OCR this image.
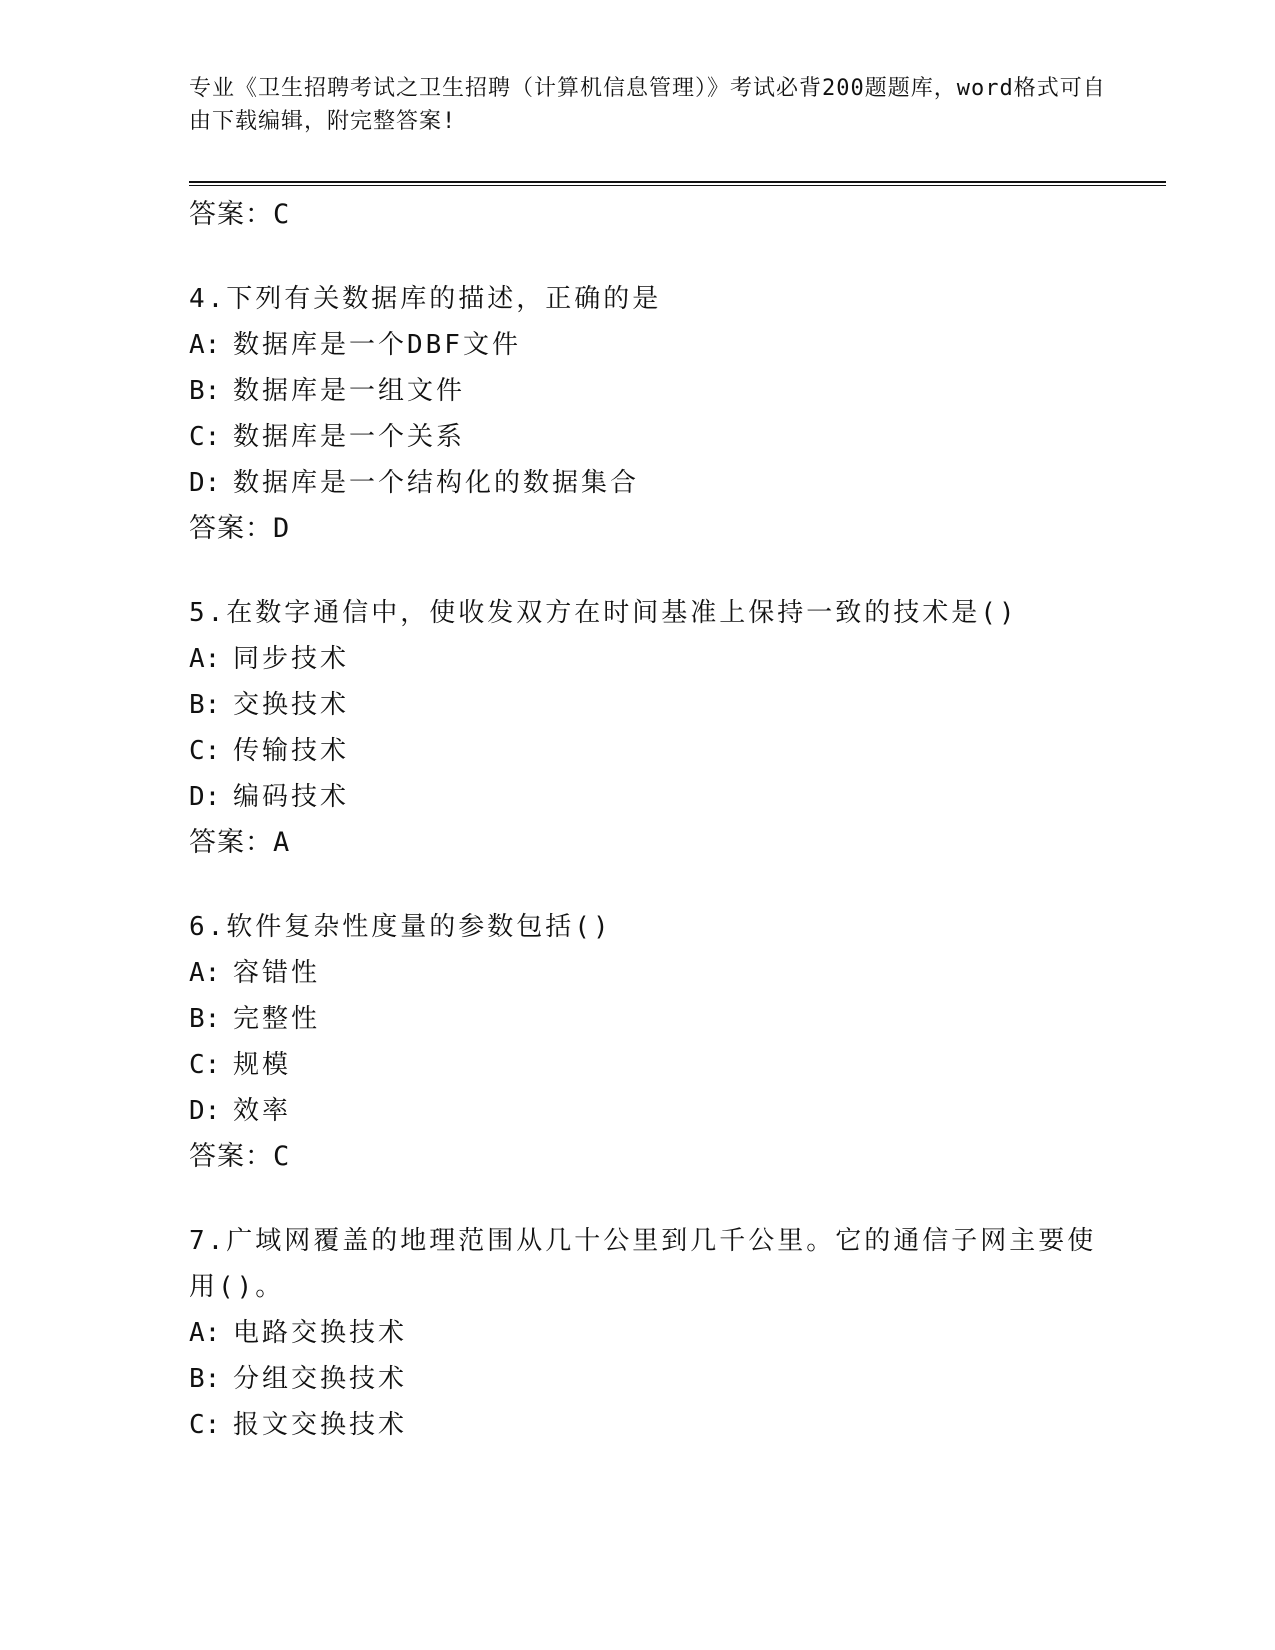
专业《卫生招聘考试之卫生招聘（计算机信息管理）》考试必背200题题库，word格式可自由下载编辑，附完整答案!
答案：C
4.下列有关数据库的描述，正确的是
A: 数据库是一个DBF文件
B: 数据库是一组文件
C: 数据库是一个关系
D: 数据库是一个结构化的数据集合
答案：D
5.在数字通信中，使收发双方在时间基准上保持一致的技术是()
A: 同步技术
B: 交换技术
C: 传输技术
D: 编码技术
答案：A
6.软件复杂性度量的参数包括()
A: 容错性
B: 完整性
C: 规模
D: 效率
答案：C
7.广域网覆盖的地理范围从几十公里到几千公里。它的通信子网主要使用()。
A: 电路交换技术
B: 分组交换技术
C: 报文交换技术
